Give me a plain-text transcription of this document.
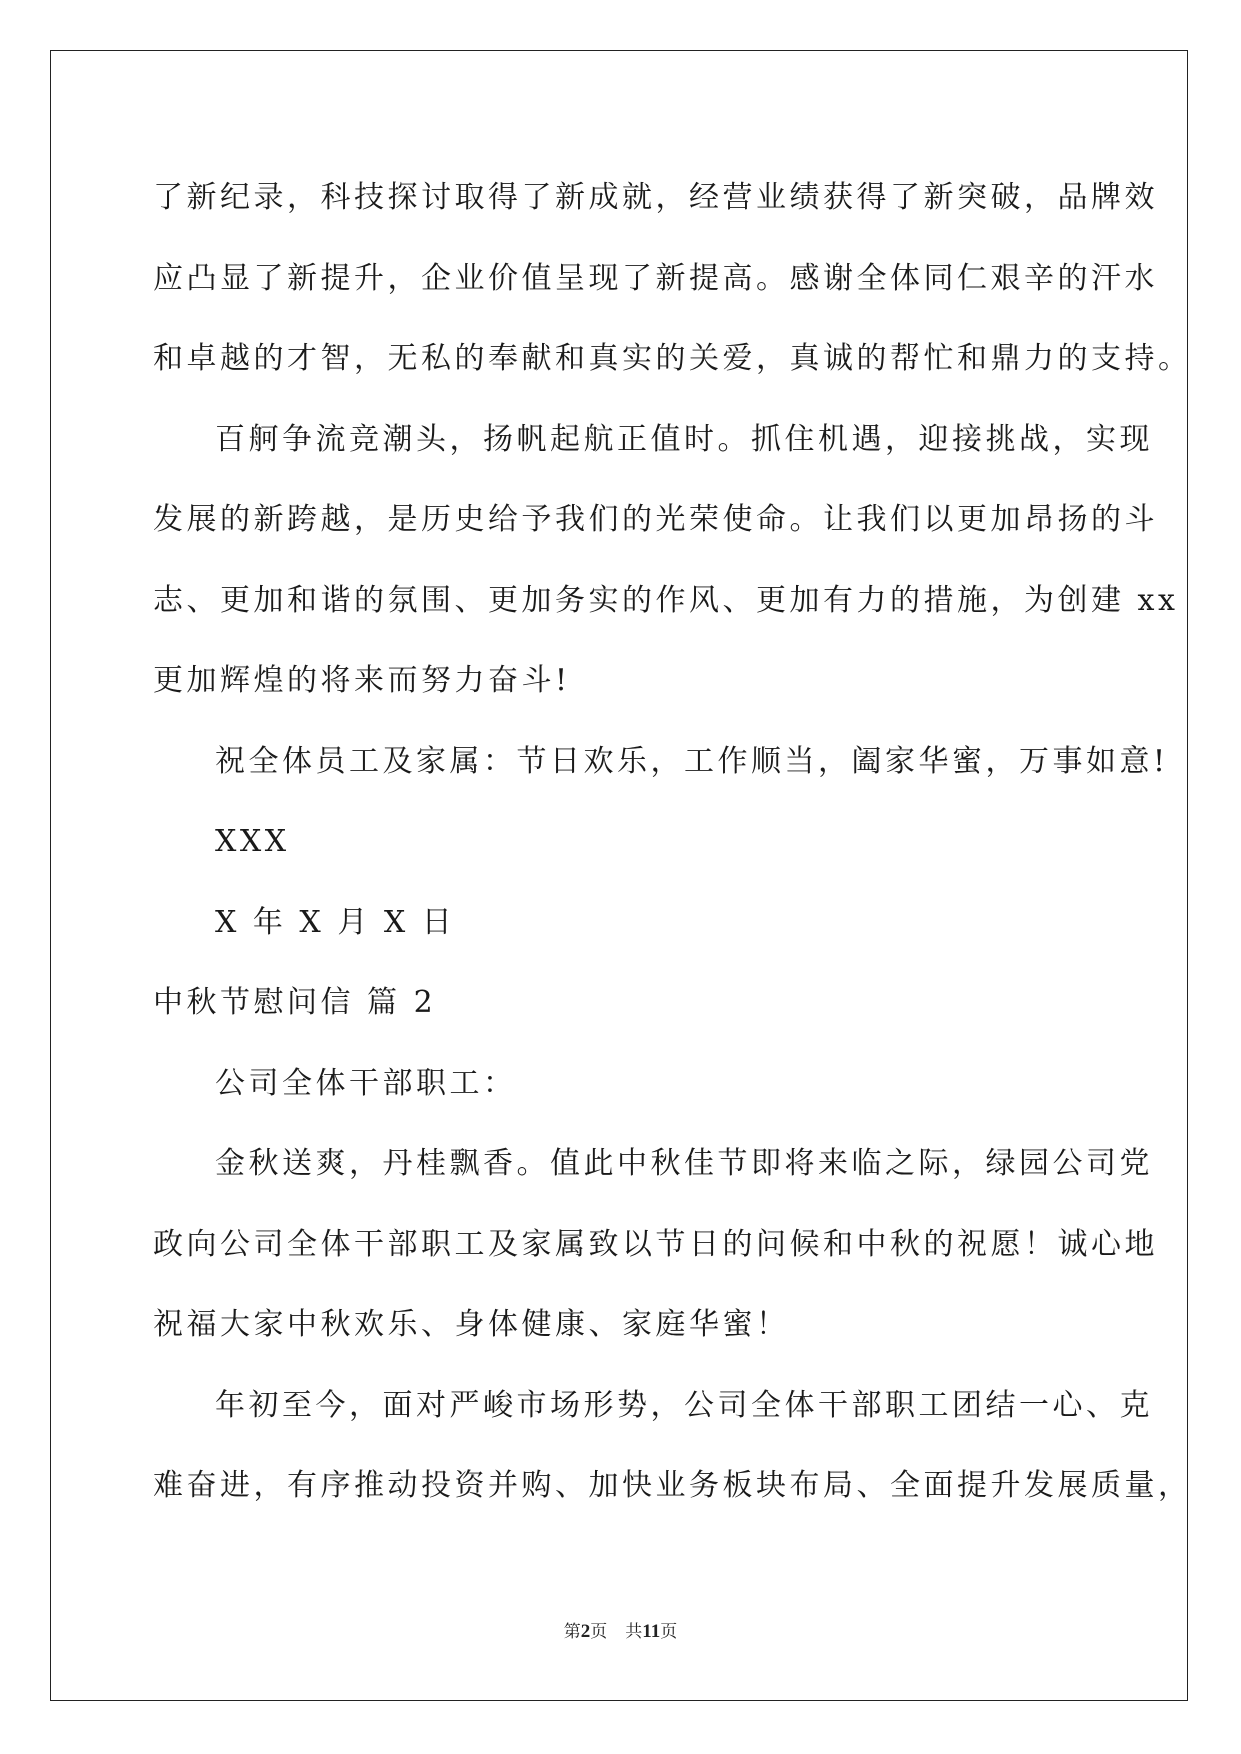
了新纪录，科技探讨取得了新成就，经营业绩获得了新突破，品牌效
应凸显了新提升，企业价值呈现了新提高。感谢全体同仁艰辛的汗水
和卓越的才智，无私的奉献和真实的关爱，真诚的帮忙和鼎力的支持。
百舸争流竞潮头，扬帆起航正值时。抓住机遇，迎接挑战，实现
发展的新跨越，是历史给予我们的光荣使命。让我们以更加昂扬的斗
志、更加和谐的氛围、更加务实的作风、更加有力的措施，为创建 xx
更加辉煌的将来而努力奋斗!
祝全体员工及家属：节日欢乐，工作顺当，阖家华蜜，万事如意!
XXX
X 年 X 月 X 日
中秋节慰问信 篇 2
公司全体干部职工：
金秋送爽，丹桂飘香。值此中秋佳节即将来临之际，绿园公司党
政向公司全体干部职工及家属致以节日的问候和中秋的祝愿！诚心地
祝福大家中秋欢乐、身体健康、家庭华蜜！
年初至今，面对严峻市场形势，公司全体干部职工团结一心、克
难奋进，有序推动投资并购、加快业务板块布局、全面提升发展质量，
第2页 共11页
